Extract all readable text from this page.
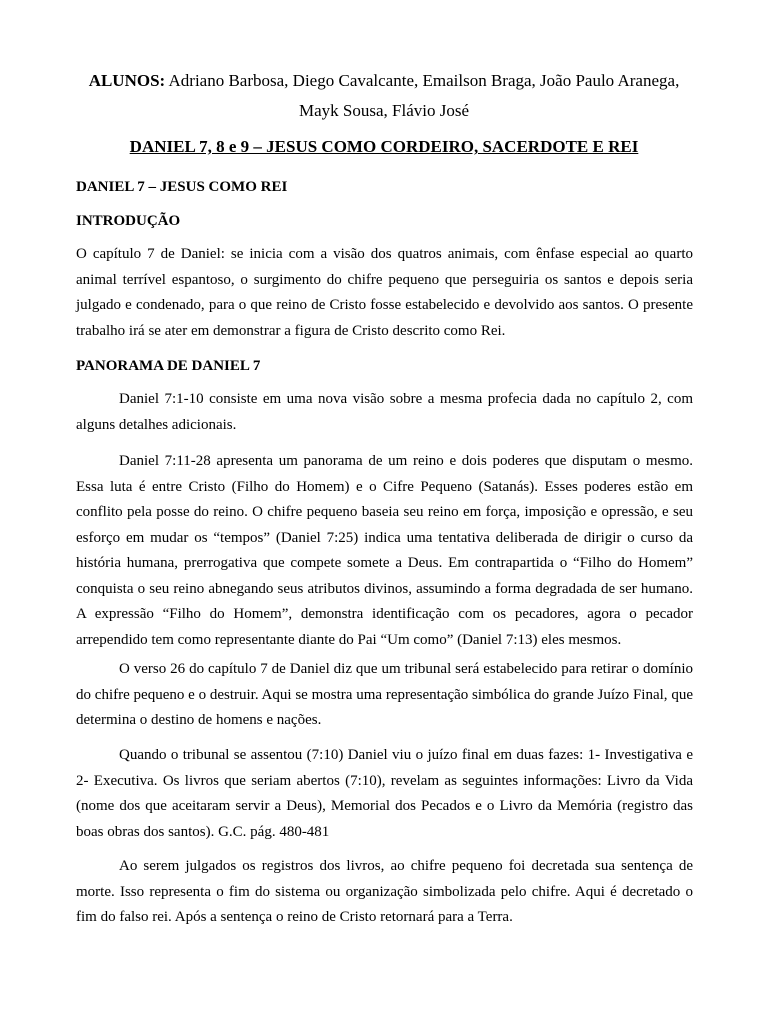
ALUNOS: Adriano Barbosa, Diego Cavalcante, Emailson Braga, João Paulo Aranega, Mayk Sousa, Flávio José
DANIEL 7, 8 e 9 – JESUS COMO CORDEIRO, SACERDOTE E REI
DANIEL 7 – JESUS COMO REI
INTRODUÇÃO

O capítulo 7 de Daniel: se inicia com a visão dos quatros animais, com ênfase especial ao quarto animal terrível espantoso, o surgimento do chifre pequeno que perseguiria os santos e depois seria julgado e condenado, para o que reino de Cristo fosse estabelecido e devolvido aos santos. O presente trabalho irá se ater em demonstrar a figura de Cristo descrito como Rei.

PANORAMA DE DANIEL 7

Daniel 7:1-10 consiste em uma nova visão sobre a mesma profecia dada no capítulo 2, com alguns detalhes adicionais.

Daniel 7:11-28 apresenta um panorama de um reino e dois poderes que disputam o mesmo. Essa luta é entre Cristo (Filho do Homem) e o Cifre Pequeno (Satanás). Esses poderes estão em conflito pela posse do reino. O chifre pequeno baseia seu reino em força, imposição e opressão, e seu esforço em mudar os “tempos” (Daniel 7:25) indica uma tentativa deliberada de dirigir o curso da história humana, prerrogativa que compete somete a Deus. Em contrapartida o “Filho do Homem” conquista o seu reino abnegando seus atributos divinos, assumindo a forma degradada de ser humano. A expressão “Filho do Homem”, demonstra identificação com os pecadores, agora o pecador arrependido tem como representante diante do Pai “Um como” (Daniel 7:13) eles mesmos.

O verso 26 do capítulo 7 de Daniel diz que um tribunal será estabelecido para retirar o domínio do chifre pequeno e o destruir. Aqui se mostra uma representação simbólica do grande Juízo Final, que determina o destino de homens e nações.

Quando o tribunal se assentou (7:10) Daniel viu o juízo final em duas fazes: 1- Investigativa e 2- Executiva. Os livros que seriam abertos (7:10), revelam as seguintes informações: Livro da Vida (nome dos que aceitaram servir a Deus), Memorial dos Pecados e o Livro da Memória (registro das boas obras dos santos). G.C. pág. 480-481

Ao serem julgados os registros dos livros, ao chifre pequeno foi decretada sua sentença de morte. Isso representa o fim do sistema ou organização simbolizada pelo chifre. Aqui é decretado o fim do falso rei. Após a sentença o reino de Cristo retornará para a Terra.
